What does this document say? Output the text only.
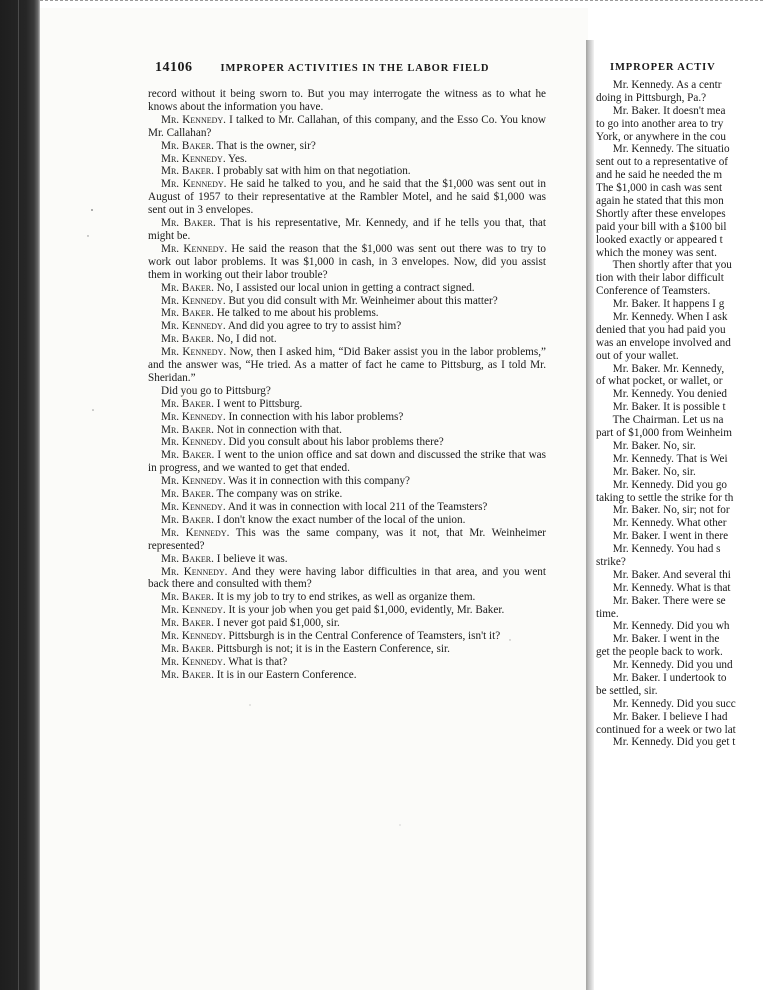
14106	IMPROPER ACTIVITIES IN THE LABOR FIELD

record without it being sworn to. But you may interrogate the witness as to what he knows about the information you have.

Mr. Kennedy. I talked to Mr. Callahan, of this company, and the Esso Co. You know Mr. Callahan?

Mr. Baker. That is the owner, sir?

Mr. Kennedy. Yes.

Mr. Baker. I probably sat with him on that negotiation.

Mr. Kennedy. He said he talked to you, and he said that the $1,000 was sent out in August of 1957 to their representative at the Rambler Motel, and he said $1,000 was sent out in 3 envelopes.

Mr. Baker. That is his representative, Mr. Kennedy, and if he tells you that, that might be.

Mr. Kennedy. He said the reason that the $1,000 was sent out there was to try to work out labor problems. It was $1,000 in cash, in 3 envelopes. Now, did you assist them in working out their labor trouble?

Mr. Baker. No, I assisted our local union in getting a contract signed.

Mr. Kennedy. But you did consult with Mr. Weinheimer about this matter?

Mr. Baker. He talked to me about his problems.

Mr. Kennedy. And did you agree to try to assist him?

Mr. Baker. No, I did not.

Mr. Kennedy. Now, then I asked him, “Did Baker assist you in the labor problems,” and the answer was, “He tried. As a matter of fact he came to Pittsburg, as I told Mr. Sheridan.”

Did you go to Pittsburg?

Mr. Baker. I went to Pittsburg.

Mr. Kennedy. In connection with his labor problems?

Mr. Baker. Not in connection with that.

Mr. Kennedy. Did you consult about his labor problems there?

Mr. Baker. I went to the union office and sat down and discussed the strike that was in progress, and we wanted to get that ended.

Mr. Kennedy. Was it in connection with this company?

Mr. Baker. The company was on strike.

Mr. Kennedy. And it was in connection with local 211 of the Teamsters?

Mr. Baker. I don't know the exact number of the local of the union.

Mr. Kennedy. This was the same company, was it not, that Mr. Weinheimer represented?

Mr. Baker. I believe it was.

Mr. Kennedy. And they were having labor difficulties in that area, and you went back there and consulted with them?

Mr. Baker. It is my job to try to end strikes, as well as organize them.

Mr. Kennedy. It is your job when you get paid $1,000, evidently, Mr. Baker.

Mr. Baker. I never got paid $1,000, sir.

Mr. Kennedy. Pittsburgh is in the Central Conference of Teamsters, isn't it?

Mr. Baker. Pittsburgh is not; it is in the Eastern Conference, sir.

Mr. Kennedy. What is that?

Mr. Baker. It is in our Eastern Conference.

IMPROPER ACTIV
Mr. Kennedy. As a centr
doing in Pittsburgh, Pa.?
Mr. Baker. It doesn't mea
to go into another area to try
York, or anywhere in the cou
Mr. Kennedy. The situatio
sent out to a representative of
and he said he needed the m
The $1,000 in cash was sent
again he stated that this mon
Shortly after these envelopes
paid your bill with a $100 bil
looked exactly or appeared t
which the money was sent.
Then shortly after that you
tion with their labor difficult
Conference of Teamsters.
Mr. Baker. It happens I g
Mr. Kennedy. When I ask
denied that you had paid you
was an envelope involved and
out of your wallet.
Mr. Baker. Mr. Kennedy,
of what pocket, or wallet, or
Mr. Kennedy. You denied
Mr. Baker. It is possible t
The Chairman. Let us na
part of $1,000 from Weinheim
Mr. Baker. No, sir.
Mr. Kennedy. That is Wei
Mr. Baker. No, sir.
Mr. Kennedy. Did you go
taking to settle the strike for th
Mr. Baker. No, sir; not for
Mr. Kennedy. What other
Mr. Baker. I went in there
Mr. Kennedy. You had s
strike?
Mr. Baker. And several thi
Mr. Kennedy. What is that
Mr. Baker. There were se
time.
Mr. Kennedy. Did you wh
Mr. Baker. I went in the
get the people back to work.
Mr. Kennedy. Did you und
Mr. Baker. I undertook to
be settled, sir.
Mr. Kennedy. Did you succ
Mr. Baker. I believe I had
continued for a week or two lat
Mr. Kennedy. Did you get t
